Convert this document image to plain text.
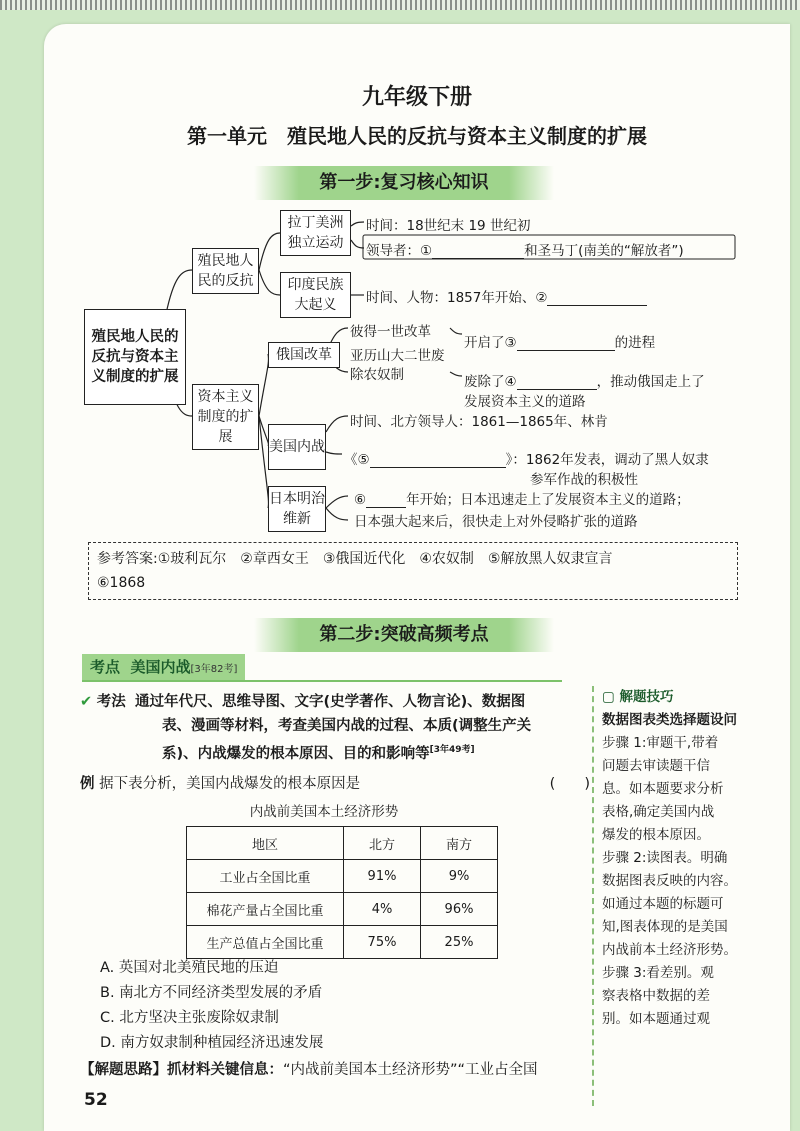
九年级下册
第一单元　殖民地人民的反抗与资本主义制度的扩展
第一步:复习核心知识
殖民地人民的反抗与资本主义制度的扩展
殖民地人民的反抗
资本主义制度的扩展
拉丁美洲独立运动
印度民族大起义
俄国改革
美国内战
日本明治维新
时间：18世纪末 19 世纪初
领导者：①	和圣马丁(南美的“解放者”)
时间、人物：1857年开始、②
彼得一世改革
亚历山大二世废除农奴制
开启了③	的进程
废除了④	，推动俄国走上了
发展资本主义的道路
时间、北方领导人：1861—1865年、林肯
《⑤	》：1862年发表，调动了黑人奴隶
参军作战的积极性
⑥	年开始；日本迅速走上了发展资本主义的道路；
日本强大起来后，很快走上对外侵略扩张的道路
参考答案:①玻利瓦尔　②章西女王　③俄国近代化　④农奴制　⑤解放黑人奴隶宣言
⑥1868
第二步:突破高频考点
考点 美国内战[3年82考]
✔ 考法 通过年代尺、思维导图、文字(史学著作、人物言论)、数据图
表、漫画等材料，考查美国内战的过程、本质(调整生产关
系)、内战爆发的根本原因、目的和影响等[3年49考]
例 据下表分析，美国内战爆发的根本原因是	(　　)
内战前美国本土经济形势
地区	北方	南方
工业占全国比重	91%	9%
棉花产量占全国比重	4%	96%
生产总值占全国比重	75%	25%
A. 英国对北美殖民地的压迫
B. 南北方不同经济类型发展的矛盾
C. 北方坚决主张废除奴隶制
D. 南方奴隶制种植园经济迅速发展
【解题思路】抓材料关键信息：“内战前美国本土经济形势”“工业占全国
▢ 解题技巧
数据图表类选择题设问
步骤 1:审题干,带着
问题去审读题干信
息。如本题要求分析
表格,确定美国内战
爆发的根本原因。
步骤 2:读图表。明确
数据图表反映的内容。
如通过本题的标题可
知,图表体现的是美国
内战前本土经济形势。
步骤 3:看差别。观
察表格中数据的差
别。如本题通过观
52
